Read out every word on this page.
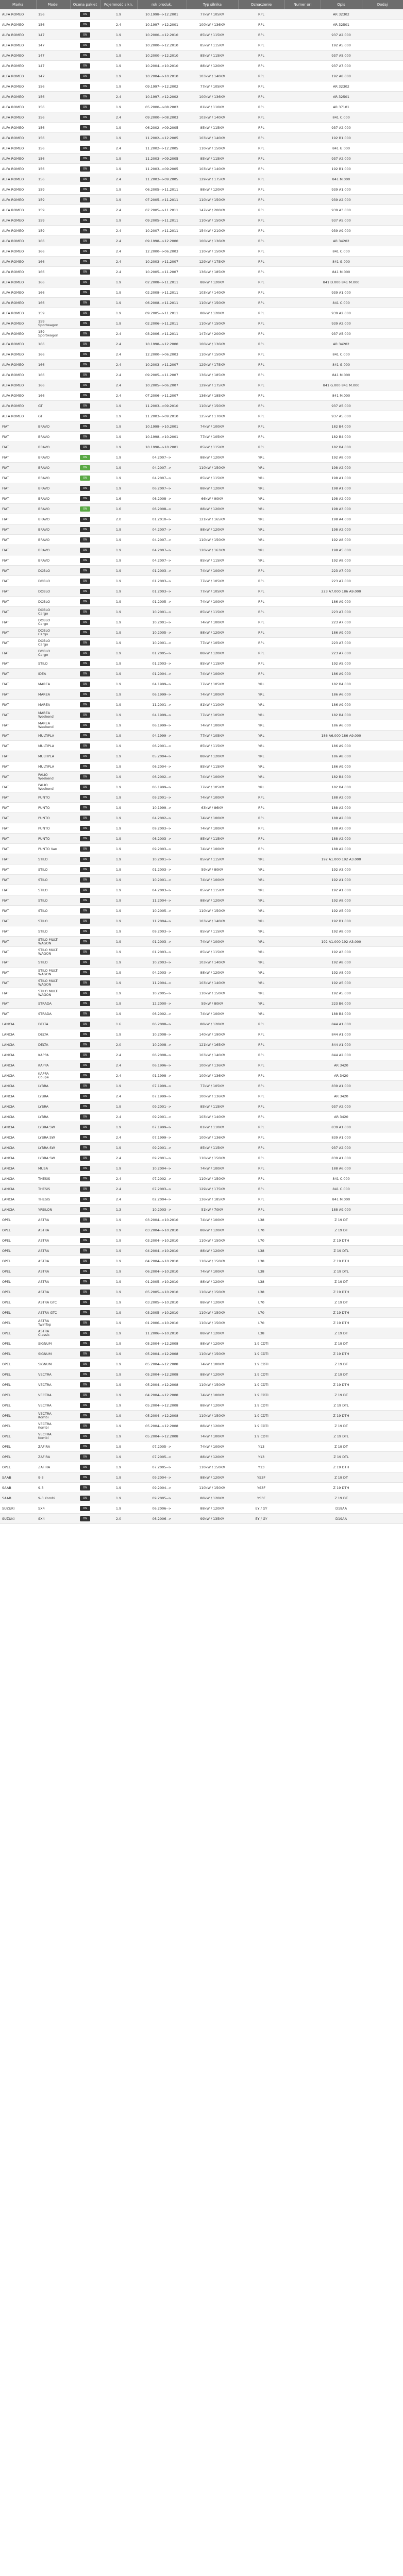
Marka	Model	Ocena pakiet	Pojemność sikn.	rok produk.	Typ silnika	Oznaczenie	Numer ori	Opis	Dodaj
ALFA ROMEO	156	ON	1.9	10.1998-->12.2001	77kW / 105KM	RPL		AR 32302	
ALFA ROMEO	156	ON	2.4	10.1997-->12.2001	100kW / 136KM	RPL		AR 32501	
ALFA ROMEO	147	ON	1.9	10.2000-->12.2010	85kW / 115KM	RPL		937 A2.000	
ALFA ROMEO	147	ON	1.9	10.2000-->12.2010	85kW / 115KM	RPL		192 A5.000	
ALFA ROMEO	147	ON	1.9	10.2000-->12.2010	85kW / 115KM	RPL		937 A5.000	
ALFA ROMEO	147	ON	1.9	10.2004-->10.2010	88kW / 120KM	RPL		937 A7.000	
ALFA ROMEO	147	ON	1.9	10.2004-->10.2010	103kW / 140KM	RPL		192 A8.000	
ALFA ROMEO	156	ON	1.9	09.1997-->12.2002	77kW / 105KM	RPL		AR 32302	
ALFA ROMEO	156	ON	2.4	10.1997-->12.2002	100kW / 136KM	RPL		AR 32501	
ALFA ROMEO	156	ON	1.9	05.2000-->08.2003	81kW / 110KM	RPL		AR 37101	
ALFA ROMEO	156	ON	2.4	09.2000-->08.2003	103kW / 140KM	RPL		841 C.000	
ALFA ROMEO	156	ON	1.9	06.2002-->09.2005	85kW / 115KM	RPL		937 A2.000	
ALFA ROMEO	156	ON	1.9	11.2002-->12.2005	103kW / 140KM	RPL		192 B1.000	
ALFA ROMEO	156	ON	2.4	11.2002-->12.2005	110kW / 150KM	RPL		841 G.000	
ALFA ROMEO	156	ON	1.9	11.2003-->09.2005	85kW / 115KM	RPL		937 A2.000	
ALFA ROMEO	156	ON	1.9	11.2003-->09.2005	103kW / 140KM	RPL		192 B1.000	
ALFA ROMEO	156	ON	2.4	11.2003-->09.2005	129kW / 175KM	RPL		841 M.000	
ALFA ROMEO	159	ON	1.9	06.2005-->11.2011	88kW / 120KM	RPL		939 A1.000	
ALFA ROMEO	159	ON	1.9	07.2005-->11.2011	110kW / 150KM	RPL		939 A2.000	
ALFA ROMEO	159	ON	2.4	07.2005-->11.2011	147kW / 200KM	RPL		939 A3.000	
ALFA ROMEO	159	ON	1.9	09.2005-->11.2011	110kW / 150KM	RPL		937 A5.000	
ALFA ROMEO	159	ON	2.4	10.2007-->11.2011	154kW / 210KM	RPL		939 A9.000	
ALFA ROMEO	166	ON	2.4	09.1998-->12.2000	100kW / 136KM	RPL		AR 34202	
ALFA ROMEO	166	ON	2.4	12.2000-->06.2003	110kW / 150KM	RPL		841 C.000	
ALFA ROMEO	166	ON	2.4	10.2003-->11.2007	129kW / 175KM	RPL		841 G.000	
ALFA ROMEO	166	ON	2.4	10.2005-->11.2007	136kW / 185KM	RPL		841 M.000	
ALFA ROMEO	166	ON	1.9	02.2008-->11.2011	88kW / 120KM	RPL		841 D.000 841 M.000	
ALFA ROMEO	166	ON	1.9	02.2008-->11.2011	103kW / 140KM	RPL		939 A1.000	
ALFA ROMEO	166	ON	1.9	06.2008-->11.2011	110kW / 150KM	RPL		841 C.000	
ALFA ROMEO	159	ON	1.9	09.2005-->11.2011	88kW / 120KM	RPL		939 A2.000	
ALFA ROMEO	159 Sportwagon	ON	1.9	02.2006-->11.2011	110kW / 150KM	RPL		939 A2.000	
ALFA ROMEO	159 Sportwagon	ON	2.4	03.2006-->11.2011	147kW / 200KM	RPL		937 A5.000	
ALFA ROMEO	166	ON	2.4	10.1998-->12.2000	100kW / 136KM	RPL		AR 34202	
ALFA ROMEO	166	ON	2.4	12.2000-->06.2003	110kW / 150KM	RPL		841 C.000	
ALFA ROMEO	166	ON	2.4	10.2003-->11.2007	129kW / 175KM	RPL		841 G.000	
ALFA ROMEO	166	ON	2.4	09.2005-->11.2007	136kW / 185KM	RPL		841 M.000	
ALFA ROMEO	166	ON	2.4	10.2005-->06.2007	129kW / 175KM	RPL		841 G.000 841 M.000	
ALFA ROMEO	166	ON	2.4	07.2006-->11.2007	136kW / 185KM	RPL		841 M.000	
ALFA ROMEO	GT	ON	1.9	11.2003-->09.2010	110kW / 150KM	RPL		937 A5.000	
ALFA ROMEO	GT	ON	1.9	11.2003-->09.2010	125kW / 170KM	RPL		937 A5.000	
FIAT	BRAVO	ON	1.9	10.1998-->10.2001	74kW / 100KM	RPL		182 B4.000	
FIAT	BRAVO	ON	1.9	10.1998-->10.2001	77kW / 105KM	RPL		182 B4.000	
FIAT	BRAVO	ON	1.9	10.1998-->10.2001	85kW / 115KM	RPL		182 B4.000	
FIAT	BRAVO	ON	1.9	04.2007-->	88kW / 120KM	YRL		192 A8.000	
FIAT	BRAVO	ON	1.9	04.2007-->	110kW / 150KM	YRL		198 A2.000	
FIAT	BRAVO	ON	1.9	04.2007-->	85kW / 115KM	YRL		198 A1.000	
FIAT	BRAVO	ON	1.9	06.2007-->	88kW / 120KM	YRL		198 A1.000	
FIAT	BRAVO	ON	1.6	06.2008-->	66kW / 90KM	YRL		198 A2.000	
FIAT	BRAVO	ON	1.6	06.2008-->	88kW / 120KM	YRL		198 A3.000	
FIAT	BRAVO	ON	2.0	01.2010-->	121kW / 165KM	YRL		198 A4.000	
FIAT	BRAVO	ON	1.9	04.2007-->	88kW / 120KM	YRL		198 A2.000	
FIAT	BRAVO	ON	1.9	04.2007-->	110kW / 150KM	YRL		192 A8.000	
FIAT	BRAVO	ON	1.9	04.2007-->	120kW / 163KM	YRL		198 A5.000	
FIAT	BRAVO	ON	1.9	04.2007-->	85kW / 115KM	YRL		192 A8.000	
FIAT	DOBLO	ON	1.9	01.2003-->	74kW / 100KM	RPL		223 A7.000	
FIAT	DOBLO	ON	1.9	01.2003-->	77kW / 105KM	RPL		223 A7.000	
FIAT	DOBLO	ON	1.9	01.2003-->	77kW / 105KM	RPL		223 A7.000 186 A9.000	
FIAT	DOBLO	ON	1.9	01.2005-->	74kW / 100KM	RPL		186 A9.000	
FIAT	DOBLO Cargo	ON	1.9	10.2001-->	85kW / 115KM	RPL		223 A7.000	
FIAT	DOBLO Cargo	ON	1.9	10.2001-->	74kW / 100KM	RPL		223 A7.000	
FIAT	DOBLO Cargo	ON	1.9	10.2005-->	88kW / 120KM	RPL		186 A9.000	
FIAT	DOBLO Cargo	ON	1.9	10.2001-->	77kW / 105KM	RPL		223 A7.000	
FIAT	DOBLO Cargo	ON	1.9	01.2005-->	88kW / 120KM	RPL		223 A7.000	
FIAT	STILO	ON	1.9	01.2003-->	85kW / 115KM	RPL		192 A5.000	
FIAT	IDEA	ON	1.9	01.2004-->	74kW / 100KM	RPL		186 A9.000	
FIAT	MAREA	ON	1.9	04.1999-->	77kW / 105KM	YRL		182 B4.000	
FIAT	MAREA	ON	1.9	06.1999-->	74kW / 100KM	YRL		186 A6.000	
FIAT	MAREA	ON	1.9	11.2001-->	81kW / 110KM	YRL		186 A9.000	
FIAT	MAREA Weekend	ON	1.9	04.1999-->	77kW / 105KM	YRL		182 B4.000	
FIAT	MAREA Weekend	ON	1.9	06.1999-->	74kW / 100KM	YRL		186 A6.000	
FIAT	MULTIPLA	ON	1.9	04.1999-->	77kW / 105KM	YRL		186 A6.000 186 A9.000	
FIAT	MULTIPLA	ON	1.9	06.2001-->	85kW / 115KM	YRL		186 A9.000	
FIAT	MULTIPLA	ON	1.9	05.2004-->	88kW / 120KM	YRL		186 A8.000	
FIAT	MULTIPLA	ON	1.9	06.2004-->	85kW / 115KM	YRL		186 A9.000	
FIAT	PALIO Weekend	ON	1.9	06.2002-->	74kW / 100KM	YRL		182 B4.000	
FIAT	PALIO Weekend	ON	1.9	06.1999-->	77kW / 105KM	YRL		182 B4.000	
FIAT	PUNTO	ON	1.9	09.2001-->	74kW / 100KM	RPL		188 A2.000	
FIAT	PUNTO	ON	1.9	10.1999-->	63kW / 86KM	RPL		188 A2.000	
FIAT	PUNTO	ON	1.9	04.2002-->	74kW / 100KM	RPL		188 A2.000	
FIAT	PUNTO	ON	1.9	09.2003-->	74kW / 100KM	RPL		188 A2.000	
FIAT	PUNTO	ON	1.9	06.2003-->	85kW / 115KM	RPL		188 A2.000	
FIAT	PUNTO Van	ON	1.9	09.2003-->	74kW / 100KM	RPL		188 A2.000	
FIAT	STILO	ON	1.9	10.2001-->	85kW / 115KM	YRL		192 A1.000 192 A3.000	
FIAT	STILO	ON	1.9	01.2003-->	59kW / 80KM	YRL		192 A3.000	
FIAT	STILO	ON	1.9	10.2001-->	74kW / 100KM	YRL		192 A1.000	
FIAT	STILO	ON	1.9	04.2003-->	85kW / 115KM	YRL		192 A1.000	
FIAT	STILO	ON	1.9	11.2004-->	88kW / 120KM	YRL		192 A8.000	
FIAT	STILO	ON	1.9	10.2005-->	110kW / 150KM	YRL		192 A5.000	
FIAT	STILO	ON	1.9	11.2004-->	103kW / 140KM	YRL		192 B1.000	
FIAT	STILO	ON	1.9	09.2003-->	85kW / 115KM	YRL		192 A8.000	
FIAT	STILO MULTI WAGON	ON	1.9	01.2003-->	74kW / 100KM	YRL		192 A1.000 192 A3.000	
FIAT	STILO MULTI WAGON	ON	1.9	01.2003-->	85kW / 115KM	YRL		192 A3.000	
FIAT	STILO	ON	1.9	10.2003-->	103kW / 140KM	YRL		192 A8.000	
FIAT	STILO MULTI WAGON	ON	1.9	04.2003-->	88kW / 120KM	YRL		192 A8.000	
FIAT	STILO MULTI WAGON	ON	1.9	11.2004-->	103kW / 140KM	YRL		192 A5.000	
FIAT	STILO MULTI WAGON	ON	1.9	10.2005-->	110kW / 150KM	YRL		192 A5.000	
FIAT	STRADA	ON	1.9	12.2000-->	59kW / 80KM	YRL		223 B6.000	
FIAT	STRADA	ON	1.9	06.2002-->	74kW / 100KM	YRL		188 B4.000	
LANCIA	DELTA	ON	1.6	06.2008-->	88kW / 120KM	RPL		844 A1.000	
LANCIA	DELTA	ON	1.9	10.2008-->	140kW / 190KM	RPL		844 A1.000	
LANCIA	DELTA	ON	2.0	10.2008-->	121kW / 165KM	RPL		844 A1.000	
LANCIA	KAPPA	ON	2.4	06.2008-->	103kW / 140KM	RPL		844 A2.000	
LANCIA	KAPPA	ON	2.4	06.1996-->	100kW / 136KM	RPL		AR 3420	
LANCIA	KAPPA Coupe	ON	2.4	01.1998-->	100kW / 136KM	RPL		AR 3420	
LANCIA	LYBRA	ON	1.9	07.1999-->	77kW / 105KM	RPL		839 A1.000	
LANCIA	LYBRA	ON	2.4	07.1999-->	100kW / 136KM	RPL		AR 3420	
LANCIA	LYBRA	ON	1.9	09.2001-->	85kW / 115KM	RPL		937 A2.000	
LANCIA	LYBRA	ON	2.4	09.2001-->	103kW / 140KM	RPL		AR 3420	
LANCIA	LYBRA SW	ON	1.9	07.1999-->	81kW / 110KM	RPL		839 A1.000	
LANCIA	LYBRA SW	ON	2.4	07.1999-->	100kW / 136KM	RPL		839 A1.000	
LANCIA	LYBRA SW	ON	1.9	09.2001-->	85kW / 115KM	RPL		937 A2.000	
LANCIA	LYBRA SW	ON	2.4	09.2001-->	110kW / 150KM	RPL		839 A1.000	
LANCIA	MUSA	ON	1.9	10.2004-->	74kW / 100KM	RPL		188 A6.000	
LANCIA	THESIS	ON	2.4	07.2002-->	110kW / 150KM	RPL		841 C.000	
LANCIA	THESIS	ON	2.4	07.2003-->	129kW / 175KM	RPL		841 C.000	
LANCIA	THESIS	ON	2.4	02.2004-->	136kW / 185KM	RPL		841 M.000	
LANCIA	YPSILON	ON	1.3	10.2003-->	51kW / 70KM	RPL		188 A9.000	
OPEL	ASTRA	ON	1.9	03.2004-->10.2010	74kW / 100KM	L38		Z 19 DT	
OPEL	ASTRA	ON	1.9	03.2004-->10.2010	88kW / 120KM	L70		Z 19 DT	
OPEL	ASTRA	ON	1.9	03.2004-->10.2010	110kW / 150KM	L70		Z 19 DTH	
OPEL	ASTRA	ON	1.9	04.2004-->10.2010	88kW / 120KM	L38		Z 19 DTL	
OPEL	ASTRA	ON	1.9	04.2004-->10.2010	110kW / 150KM	L38		Z 19 DTH	
OPEL	ASTRA	ON	1.9	06.2004-->10.2010	74kW / 100KM	L38		Z 19 DTL	
OPEL	ASTRA	ON	1.9	01.2005-->10.2010	88kW / 120KM	L38		Z 19 DT	
OPEL	ASTRA	ON	1.9	05.2005-->10.2010	110kW / 150KM	L38		Z 19 DTH	
OPEL	ASTRA GTC	ON	1.9	03.2005-->10.2010	88kW / 120KM	L70		Z 19 DT	
OPEL	ASTRA GTC	ON	1.9	03.2005-->10.2010	110kW / 150KM	L70		Z 19 DTH	
OPEL	ASTRA TwinTop	ON	1.9	01.2006-->10.2010	110kW / 150KM	L70		Z 19 DTH	
OPEL	ASTRA Classic	ON	1.9	11.2006-->10.2010	88kW / 120KM	L38		Z 19 DT	
OPEL	SIGNUM	ON	1.9	05.2004-->12.2008	88kW / 120KM	1.9 CDTI		Z 19 DT	
OPEL	SIGNUM	ON	1.9	05.2004-->12.2008	110kW / 150KM	1.9 CDTI		Z 19 DTH	
OPEL	SIGNUM	ON	1.9	05.2004-->12.2008	74kW / 100KM	1.9 CDTI		Z 19 DT	
OPEL	VECTRA	ON	1.9	05.2004-->12.2008	88kW / 120KM	1.9 CDTI		Z 19 DT	
OPEL	VECTRA	ON	1.9	05.2004-->12.2008	110kW / 150KM	1.9 CDTI		Z 19 DTH	
OPEL	VECTRA	ON	1.9	04.2004-->12.2008	74kW / 100KM	1.9 CDTI		Z 19 DT	
OPEL	VECTRA	ON	1.9	05.2004-->12.2008	88kW / 120KM	1.9 CDTI		Z 19 DTL	
OPEL	VECTRA Kombi	ON	1.9	05.2004-->12.2008	110kW / 150KM	1.9 CDTI		Z 19 DTH	
OPEL	VECTRA Kombi	ON	1.9	05.2004-->12.2008	88kW / 120KM	1.9 CDTI		Z 19 DT	
OPEL	VECTRA Kombi	ON	1.9	05.2004-->12.2008	74kW / 100KM	1.9 CDTI		Z 19 DTL	
OPEL	ZAFIRA	ON	1.9	07.2005-->	74kW / 100KM	Y13		Z 19 DT	
OPEL	ZAFIRA	ON	1.9	07.2005-->	88kW / 120KM	Y13		Z 19 DTL	
OPEL	ZAFIRA	ON	1.9	07.2005-->	110kW / 150KM	Y13		Z 19 DTH	
SAAB	9-3	ON	1.9	09.2004-->	88kW / 120KM	YS3F		Z 19 DT	
SAAB	9-3	ON	1.9	09.2004-->	110kW / 150KM	YS3F		Z 19 DTH	
SAAB	9-3 Kombi	ON	1.9	09.2005-->	88kW / 120KM	YS3F		Z 19 DT	
SUZUKI	SX4	ON	1.9	06.2006-->	88kW / 120KM	EY / GY		D19AA	
SUZUKI	SX4	ON	2.0	06.2006-->	99kW / 135KM	EY / GY		D19AA	
